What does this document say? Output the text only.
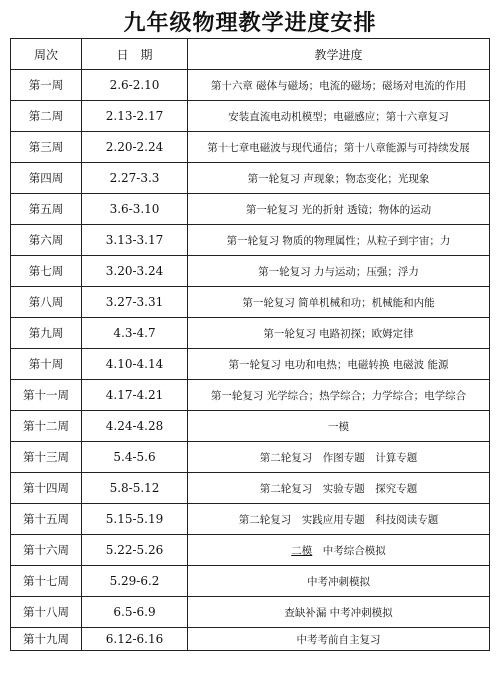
九年级物理教学进度安排
周次	日　期	教学进度
第一周	2.6-2.10	第十六章 磁体与磁场；电流的磁场；磁场对电流的作用
第二周	2.13-2.17	安装直流电动机模型；电磁感应；第十六章复习
第三周	2.20-2.24	第十七章电磁波与现代通信；第十八章能源与可持续发展
第四周	2.27-3.3	第一轮复习 声现象；物态变化；光现象
第五周	3.6-3.10	第一轮复习 光的折射 透镜；物体的运动
第六周	3.13-3.17	第一轮复习 物质的物理属性；从粒子到宇宙；力
第七周	3.20-3.24	第一轮复习 力与运动；压强；浮力
第八周	3.27-3.31	第一轮复习 简单机械和功；机械能和内能
第九周	4.3-4.7	第一轮复习 电路初探；欧姆定律
第十周	4.10-4.14	第一轮复习 电功和电热；电磁转换 电磁波 能源
第十一周	4.17-4.21	第一轮复习 光学综合；热学综合；力学综合；电学综合
第十二周	4.24-4.28	一模
第十三周	5.4-5.6	第二轮复习　作图专题　计算专题
第十四周	5.8-5.12	第二轮复习　实验专题　探究专题
第十五周	5.15-5.19	第二轮复习　实践应用专题　科技阅读专题
第十六周	5.22-5.26	二模　 中考综合模拟
第十七周	5.29-6.2	中考冲刺模拟
第十八周	6.5-6.9	查缺补漏 中考冲刺模拟
第十九周	6.12-6.16	中考考前自主复习
